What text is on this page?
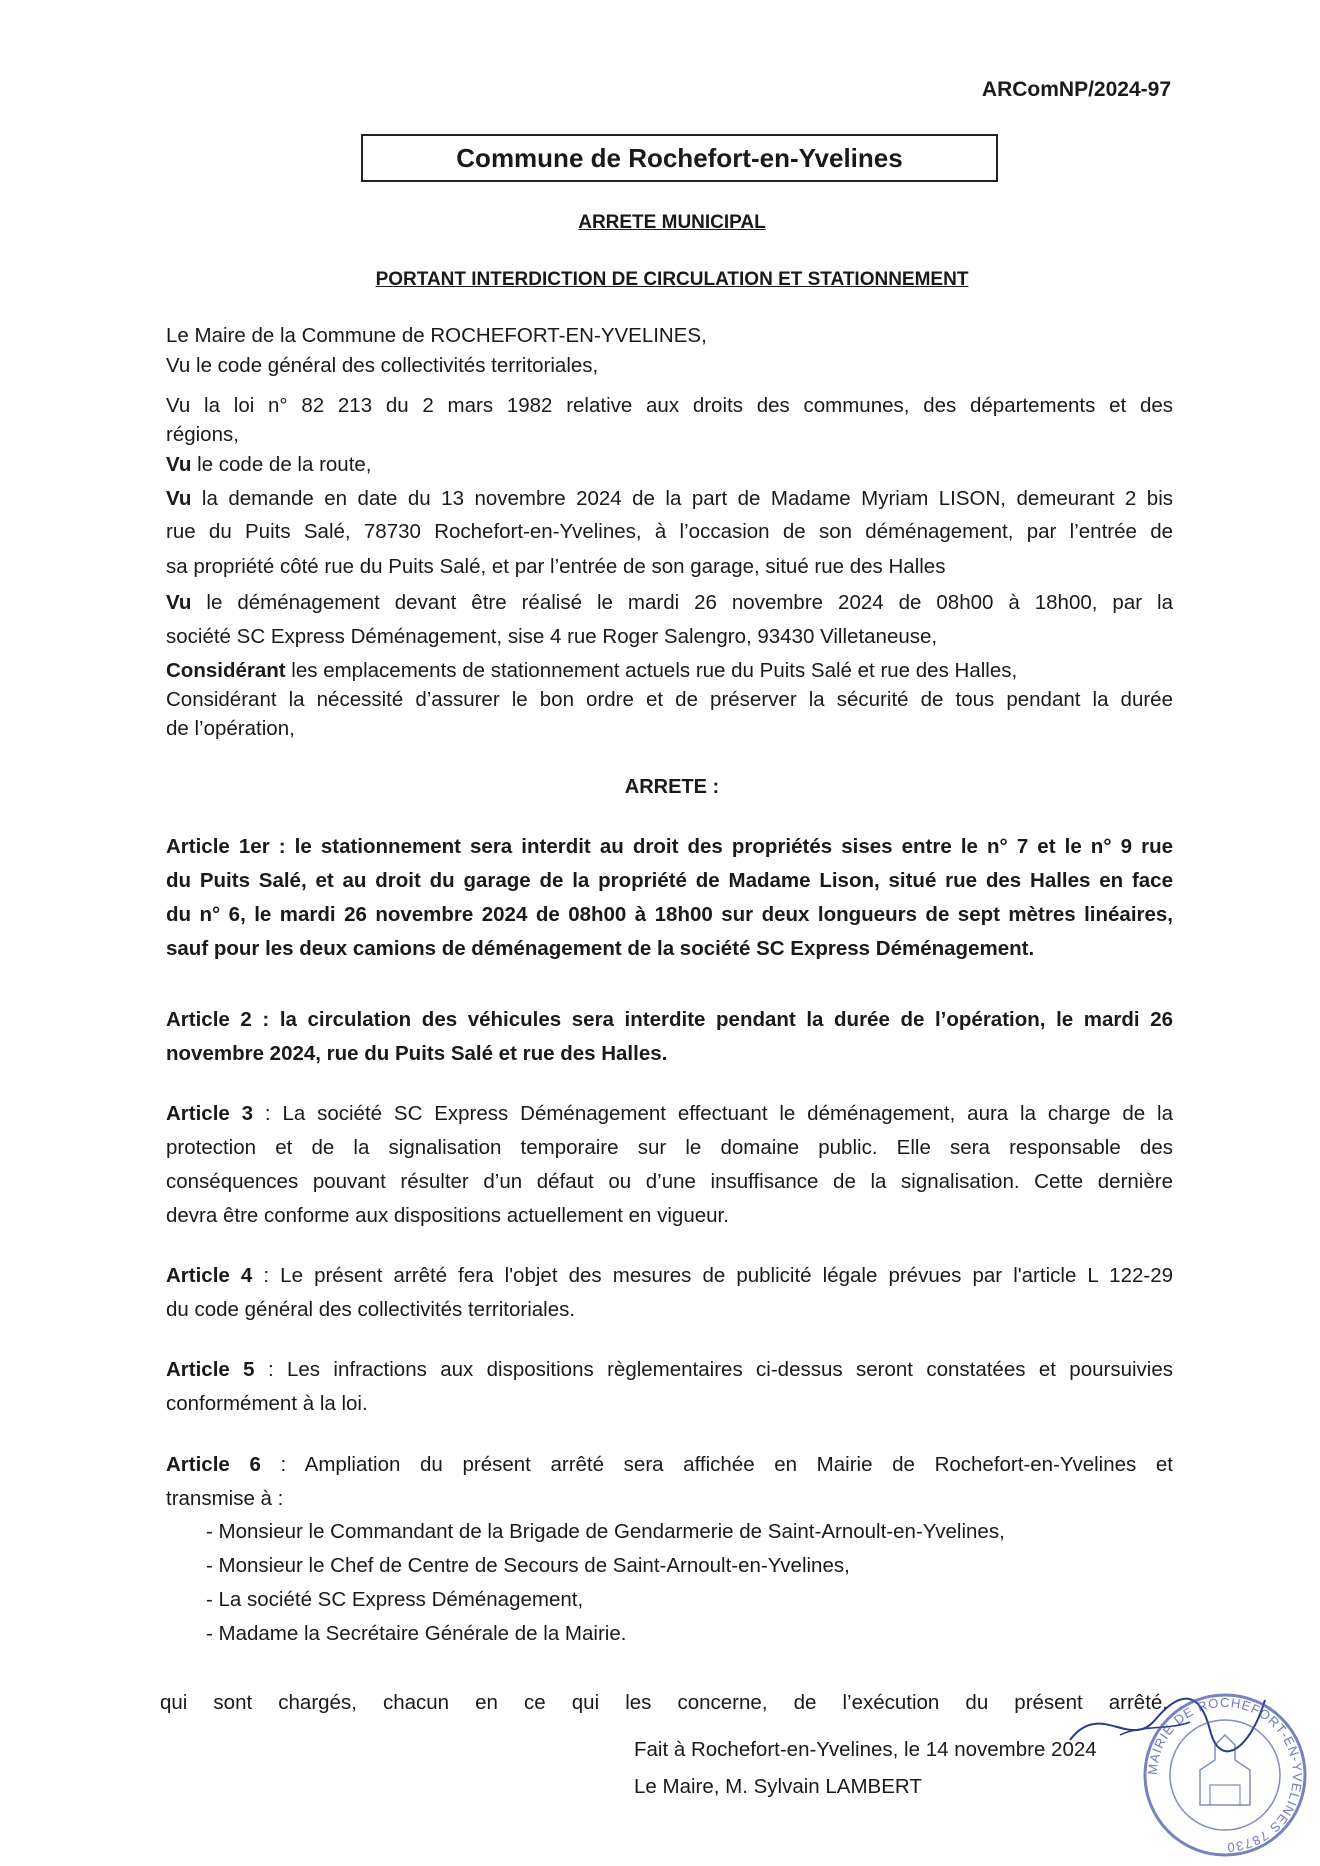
ARComNP/2024-97
Commune de Rochefort-en-Yvelines
ARRETE MUNICIPAL
PORTANT INTERDICTION DE CIRCULATION ET STATIONNEMENT
Le Maire de la Commune de ROCHEFORT-EN-YVELINES,
Vu le code général des collectivités territoriales,
Vu la loi n° 82 213 du 2 mars 1982 relative aux droits des communes, des départements et des
régions,
Vu le code de la route,
Vu la demande en date du 13 novembre 2024 de la part de Madame Myriam LISON, demeurant 2 bis
rue du Puits Salé, 78730 Rochefort-en-Yvelines, à l’occasion de son déménagement, par l’entrée de
sa propriété côté rue du Puits Salé, et par l’entrée de son garage, situé rue des Halles
Vu le déménagement devant être réalisé le mardi 26 novembre 2024 de 08h00 à 18h00, par la
société SC Express Déménagement, sise 4 rue Roger Salengro, 93430 Villetaneuse,
Considérant les emplacements de stationnement actuels rue du Puits Salé et rue des Halles,
Considérant la nécessité d’assurer le bon ordre et de préserver la sécurité de tous pendant la durée
de l’opération,
ARRETE :
Article 1er : le stationnement sera interdit au droit des propriétés sises entre le n° 7 et le n° 9 rue
du Puits Salé, et au droit du garage de la propriété de Madame Lison, situé rue des Halles en face
du n° 6, le mardi 26 novembre 2024 de 08h00 à 18h00 sur deux longueurs de sept mètres linéaires,
sauf pour les deux camions de déménagement de la société SC Express Déménagement.
Article 2 : la circulation des véhicules sera interdite pendant la durée de l’opération, le mardi 26
novembre 2024, rue du Puits Salé et rue des Halles.
Article 3 : La société SC Express Déménagement effectuant le déménagement, aura la charge de la
protection et de la signalisation temporaire sur le domaine public. Elle sera responsable des
conséquences pouvant résulter d’un défaut ou d’une insuffisance de la signalisation. Cette dernière
devra être conforme aux dispositions actuellement en vigueur.
Article 4 : Le présent arrêté fera l'objet des mesures de publicité légale prévues par l'article L 122-29
du code général des collectivités territoriales.
Article 5 : Les infractions aux dispositions règlementaires ci-dessus seront constatées et poursuivies
conformément à la loi.
Article 6 : Ampliation du présent arrêté sera affichée en Mairie de Rochefort-en-Yvelines et
transmise à :
- Monsieur le Commandant de la Brigade de Gendarmerie de Saint-Arnoult-en-Yvelines,
- Monsieur le Chef de Centre de Secours de Saint-Arnoult-en-Yvelines,
- La société SC Express Déménagement,
- Madame la Secrétaire Générale de la Mairie.
qui sont chargés, chacun en ce qui les concerne, de l’exécution du présent arrêté.
Fait à Rochefort-en-Yvelines, le 14 novembre 2024
Le Maire, M. Sylvain LAMBERT
MAIRIE DE ROCHEFORT-EN-YVELINES 78730
